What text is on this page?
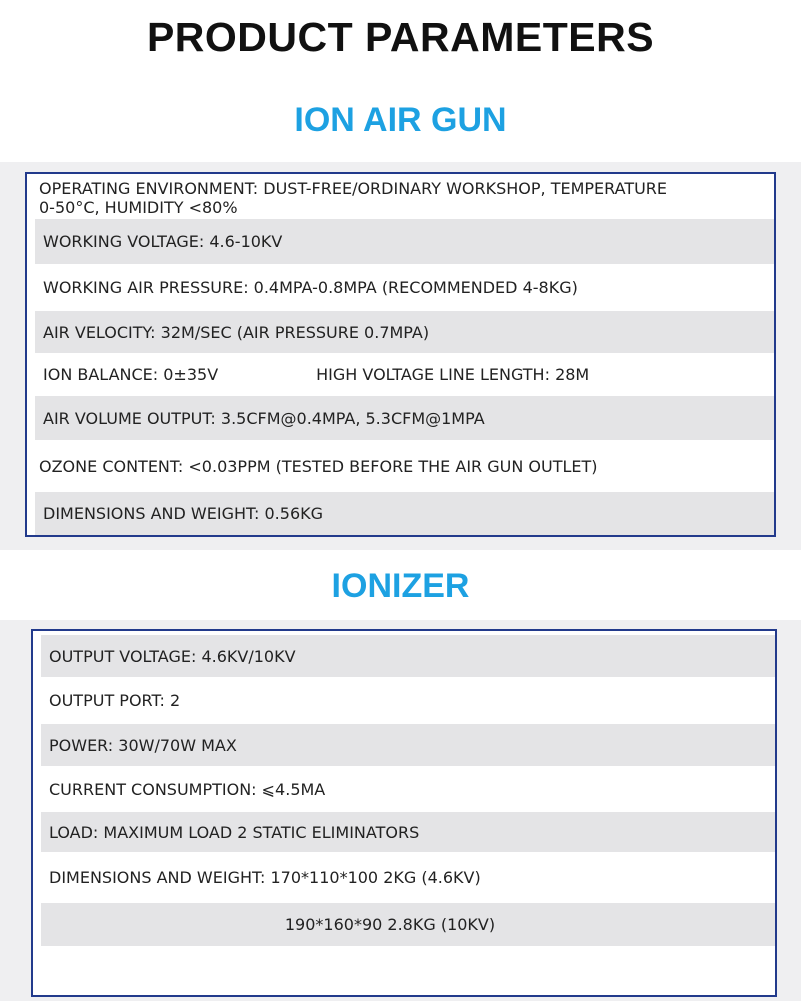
PRODUCT PARAMETERS
ION AIR GUN
OPERATING ENVIRONMENT: DUST-FREE/ORDINARY WORKSHOP, TEMPERATURE
0-50°C, HUMIDITY <80%
WORKING VOLTAGE: 4.6-10KV
WORKING AIR PRESSURE: 0.4MPA-0.8MPA (RECOMMENDED 4-8KG)
AIR VELOCITY: 32M/SEC (AIR PRESSURE 0.7MPA)
ION BALANCE: 0±35V	HIGH VOLTAGE LINE LENGTH: 28M
AIR VOLUME OUTPUT: 3.5CFM@0.4MPA, 5.3CFM@1MPA
OZONE CONTENT: <0.03PPM (TESTED BEFORE THE AIR GUN OUTLET)
DIMENSIONS AND WEIGHT: 0.56KG
IONIZER
OUTPUT VOLTAGE: 4.6KV/10KV
OUTPUT PORT: 2
POWER: 30W/70W MAX
CURRENT CONSUMPTION: ⩽4.5MA
LOAD: MAXIMUM LOAD 2 STATIC ELIMINATORS
DIMENSIONS AND WEIGHT: 170*110*100 2KG (4.6KV)
190*160*90 2.8KG (10KV)
